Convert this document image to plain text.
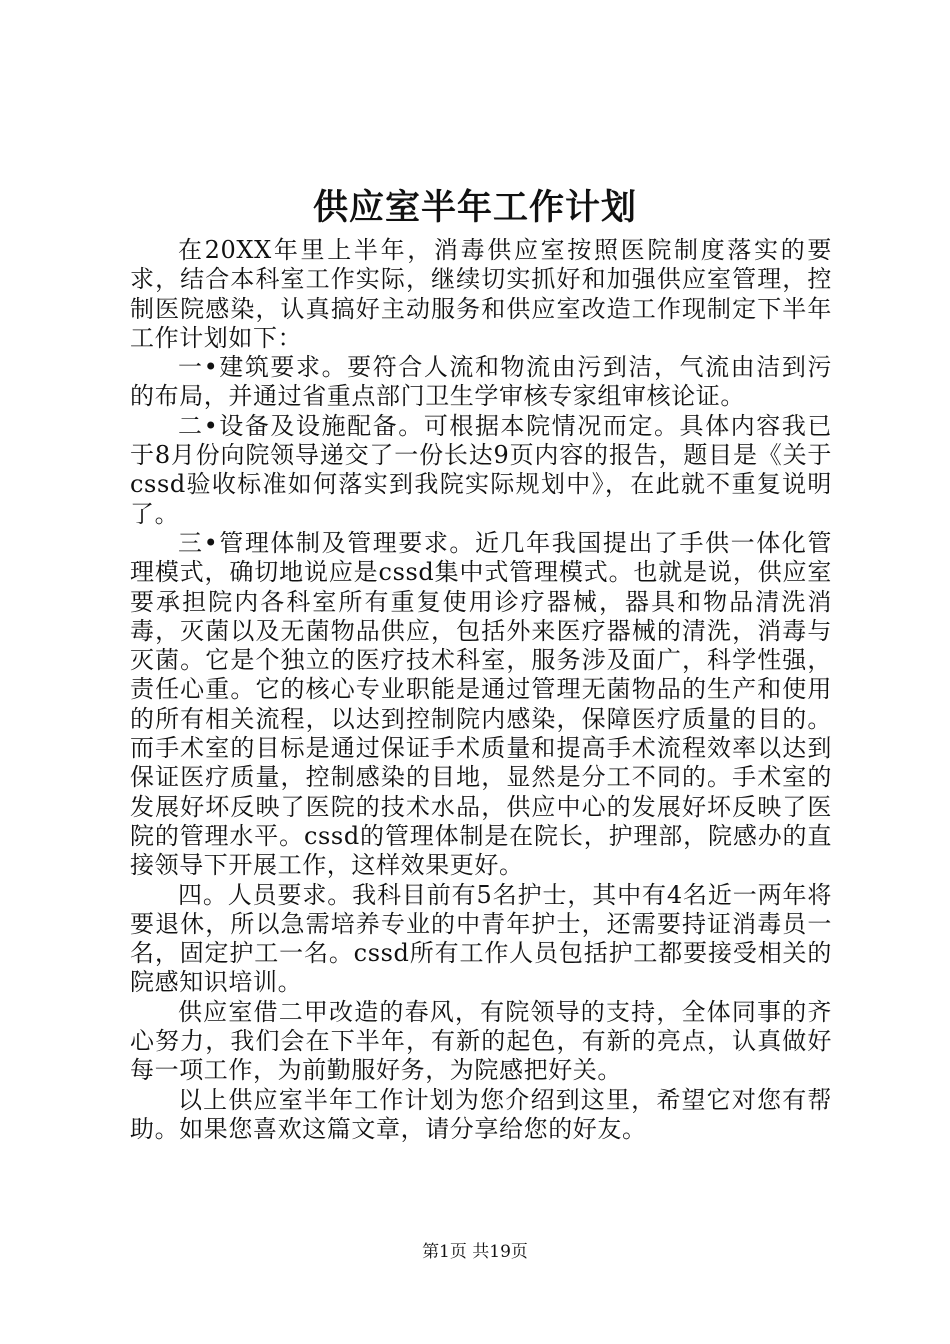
供应室半年工作计划

在20XX年里上半年，消毒供应室按照医院制度落实的要求，结合本科室工作实际，继续切实抓好和加强供应室管理，控制医院感染，认真搞好主动服务和供应室改造工作现制定下半年工作计划如下：

一•建筑要求。要符合人流和物流由污到洁，气流由洁到污的布局，并通过省重点部门卫生学审核专家组审核论证。

二•设备及设施配备。可根据本院情况而定。具体内容我已于8月份向院领导递交了一份长达9页内容的报告，题目是《关于cssd验收标准如何落实到我院实际规划中》，在此就不重复说明了。

三•管理体制及管理要求。近几年我国提出了手供一体化管理模式，确切地说应是cssd集中式管理模式。也就是说，供应室要承担院内各科室所有重复使用诊疗器械，器具和物品清洗消毒，灭菌以及无菌物品供应，包括外来医疗器械的清洗，消毒与灭菌。它是个独立的医疗技术科室，服务涉及面广，科学性强，责任心重。它的核心专业职能是通过管理无菌物品的生产和使用的所有相关流程，以达到控制院内感染，保障医疗质量的目的。而手术室的目标是通过保证手术质量和提高手术流程效率以达到保证医疗质量，控制感染的目地，显然是分工不同的。手术室的发展好坏反映了医院的技术水品，供应中心的发展好坏反映了医院的管理水平。cssd的管理体制是在院长，护理部，院感办的直接领导下开展工作，这样效果更好。

四。人员要求。我科目前有5名护士，其中有4名近一两年将要退休，所以急需培养专业的中青年护士，还需要持证消毒员一名，固定护工一名。cssd所有工作人员包括护工都要接受相关的院感知识培训。

供应室借二甲改造的春风，有院领导的支持，全体同事的齐心努力，我们会在下半年，有新的起色，有新的亮点，认真做好每一项工作，为前勤服好务，为院感把好关。

以上供应室半年工作计划为您介绍到这里，希望它对您有帮助。如果您喜欢这篇文章，请分享给您的好友。

第1页 共19页
